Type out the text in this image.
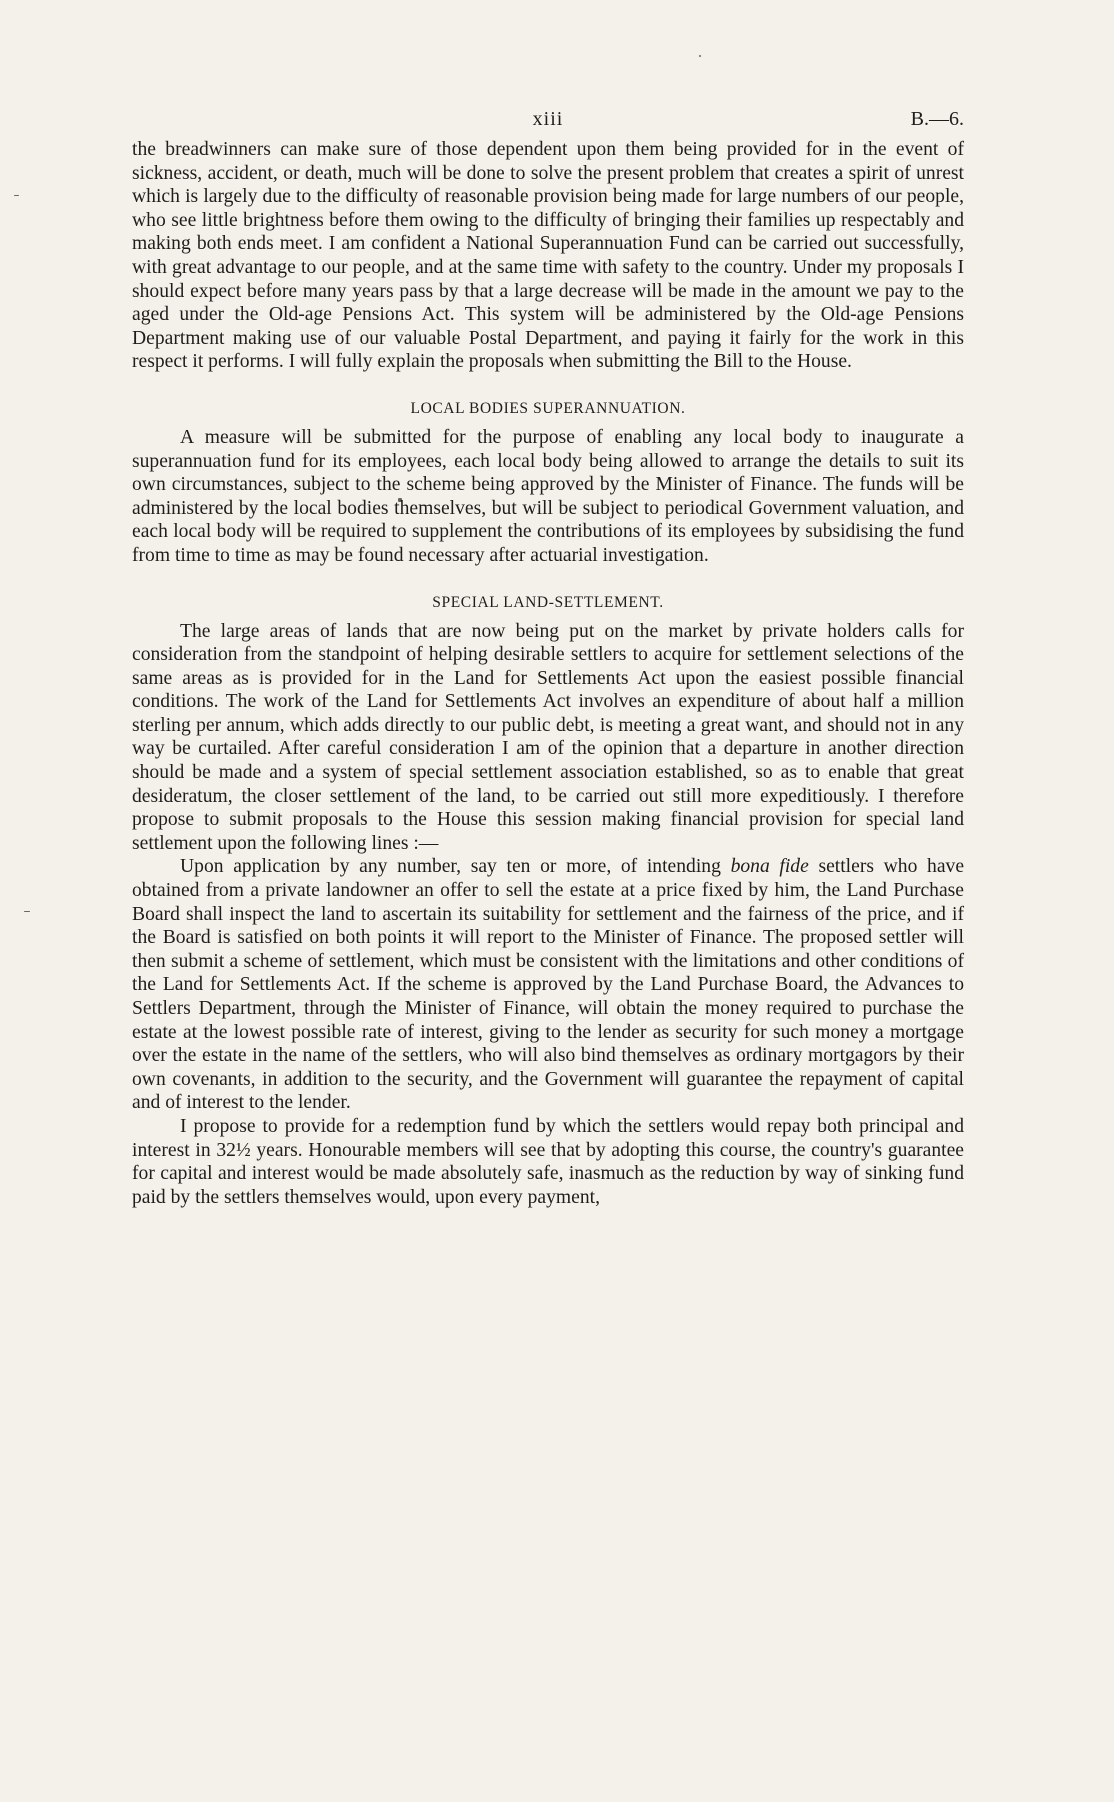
xiii	B.—6.

the breadwinners can make sure of those dependent upon them being provided for in the event of sickness, accident, or death, much will be done to solve the present problem that creates a spirit of unrest which is largely due to the difficulty of reasonable provision being made for large numbers of our people, who see little brightness before them owing to the difficulty of bringing their families up respectably and making both ends meet. I am confident a National Superannuation Fund can be carried out successfully, with great advantage to our people, and at the same time with safety to the country. Under my proposals I should expect before many years pass by that a large decrease will be made in the amount we pay to the aged under the Old-age Pensions Act. This system will be administered by the Old-age Pensions Department making use of our valuable Postal Department, and paying it fairly for the work in this respect it performs. I will fully explain the proposals when submitting the Bill to the House.

LOCAL BODIES SUPERANNUATION.

A measure will be submitted for the purpose of enabling any local body to inaugurate a superannuation fund for its employees, each local body being allowed to arrange the details to suit its own circumstances, subject to the scheme being approved by the Minister of Finance. The funds will be administered by the local bodies themselves, but will be subject to periodical Government valuation, and each local body will be required to supplement the contributions of its employees by subsidising the fund from time to time as may be found necessary after actuarial investigation.

SPECIAL LAND-SETTLEMENT.

The large areas of lands that are now being put on the market by private holders calls for consideration from the standpoint of helping desirable settlers to acquire for settlement selections of the same areas as is provided for in the Land for Settlements Act upon the easiest possible financial conditions. The work of the Land for Settlements Act involves an expenditure of about half a million sterling per annum, which adds directly to our public debt, is meeting a great want, and should not in any way be curtailed. After careful consideration I am of the opinion that a departure in another direction should be made and a system of special settlement association established, so as to enable that great desideratum, the closer settlement of the land, to be carried out still more expeditiously. I therefore propose to submit proposals to the House this session making financial provision for special land settlement upon the following lines :—

Upon application by any number, say ten or more, of intending bona fide settlers who have obtained from a private landowner an offer to sell the estate at a price fixed by him, the Land Purchase Board shall inspect the land to ascertain its suitability for settlement and the fairness of the price, and if the Board is satisfied on both points it will report to the Minister of Finance. The proposed settler will then submit a scheme of settlement, which must be consistent with the limitations and other conditions of the Land for Settlements Act. If the scheme is approved by the Land Purchase Board, the Advances to Settlers Department, through the Minister of Finance, will obtain the money required to purchase the estate at the lowest possible rate of interest, giving to the lender as security for such money a mortgage over the estate in the name of the settlers, who will also bind themselves as ordinary mortgagors by their own covenants, in addition to the security, and the Government will guarantee the repayment of capital and of interest to the lender.

I propose to provide for a redemption fund by which the settlers would repay both principal and interest in 32½ years. Honourable members will see that by adopting this course, the country's guarantee for capital and interest would be made absolutely safe, inasmuch as the reduction by way of sinking fund paid by the settlers themselves would, upon every payment,
